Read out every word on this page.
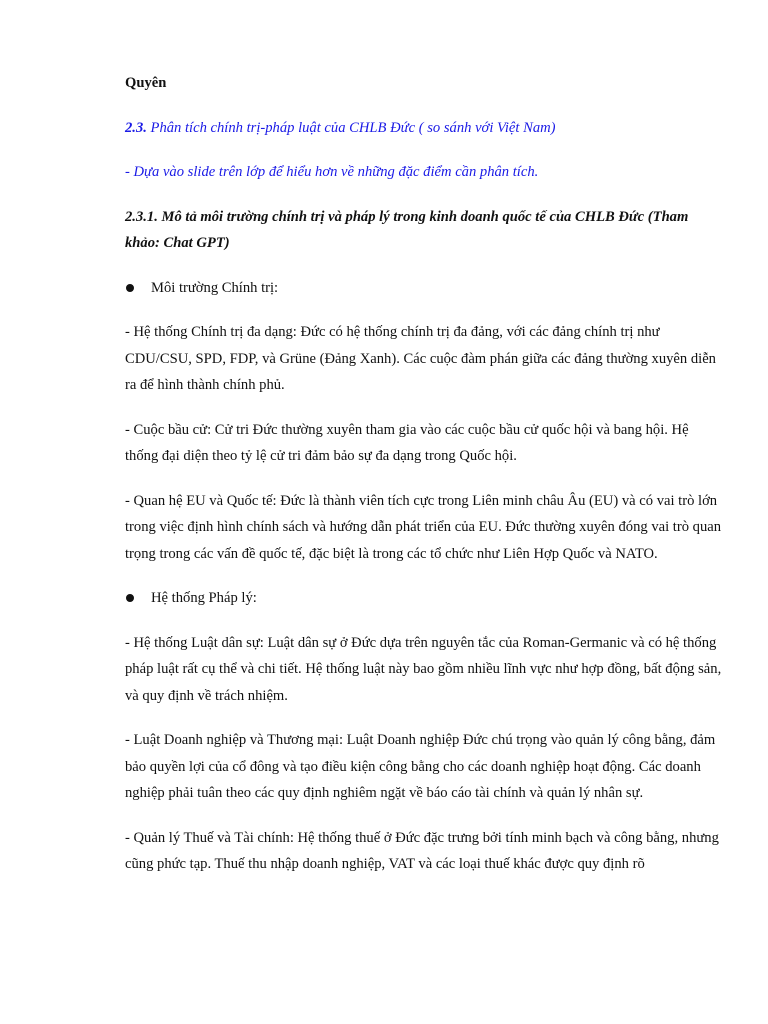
Quyên

2.3. Phân tích chính trị-pháp luật của CHLB Đức ( so sánh với Việt Nam)

- Dựa vào slide trên lớp để hiểu hơn về những đặc điểm cần phân tích.

2.3.1. Mô tả môi trường chính trị và pháp lý trong kinh doanh quốc tế của CHLB Đức (Tham khảo: Chat GPT)

Môi trường Chính trị:

- Hệ thống Chính trị đa dạng: Đức có hệ thống chính trị đa đảng, với các đảng chính trị như CDU/CSU, SPD, FDP, và Grüne (Đảng Xanh). Các cuộc đàm phán giữa các đảng thường xuyên diễn ra để hình thành chính phủ.

- Cuộc bầu cử: Cử tri Đức thường xuyên tham gia vào các cuộc bầu cử quốc hội và bang hội. Hệ thống đại diện theo tỷ lệ cử tri đảm bảo sự đa dạng trong Quốc hội.

- Quan hệ EU và Quốc tế: Đức là thành viên tích cực trong Liên minh châu Âu (EU) và có vai trò lớn trong việc định hình chính sách và hướng dẫn phát triển của EU. Đức thường xuyên đóng vai trò quan trọng trong các vấn đề quốc tế, đặc biệt là trong các tổ chức như Liên Hợp Quốc và NATO.

Hệ thống Pháp lý:

- Hệ thống Luật dân sự: Luật dân sự ở Đức dựa trên nguyên tắc của Roman-Germanic và có hệ thống pháp luật rất cụ thể và chi tiết. Hệ thống luật này bao gồm nhiều lĩnh vực như hợp đồng, bất động sản, và quy định về trách nhiệm.

- Luật Doanh nghiệp và Thương mại: Luật Doanh nghiệp Đức chú trọng vào quản lý công bằng, đảm bảo quyền lợi của cổ đông và tạo điều kiện công bằng cho các doanh nghiệp hoạt động. Các doanh nghiệp phải tuân theo các quy định nghiêm ngặt về báo cáo tài chính và quản lý nhân sự.

- Quản lý Thuế và Tài chính: Hệ thống thuế ở Đức đặc trưng bởi tính minh bạch và công bằng, nhưng cũng phức tạp. Thuế thu nhập doanh nghiệp, VAT và các loại thuế khác được quy định rõ
